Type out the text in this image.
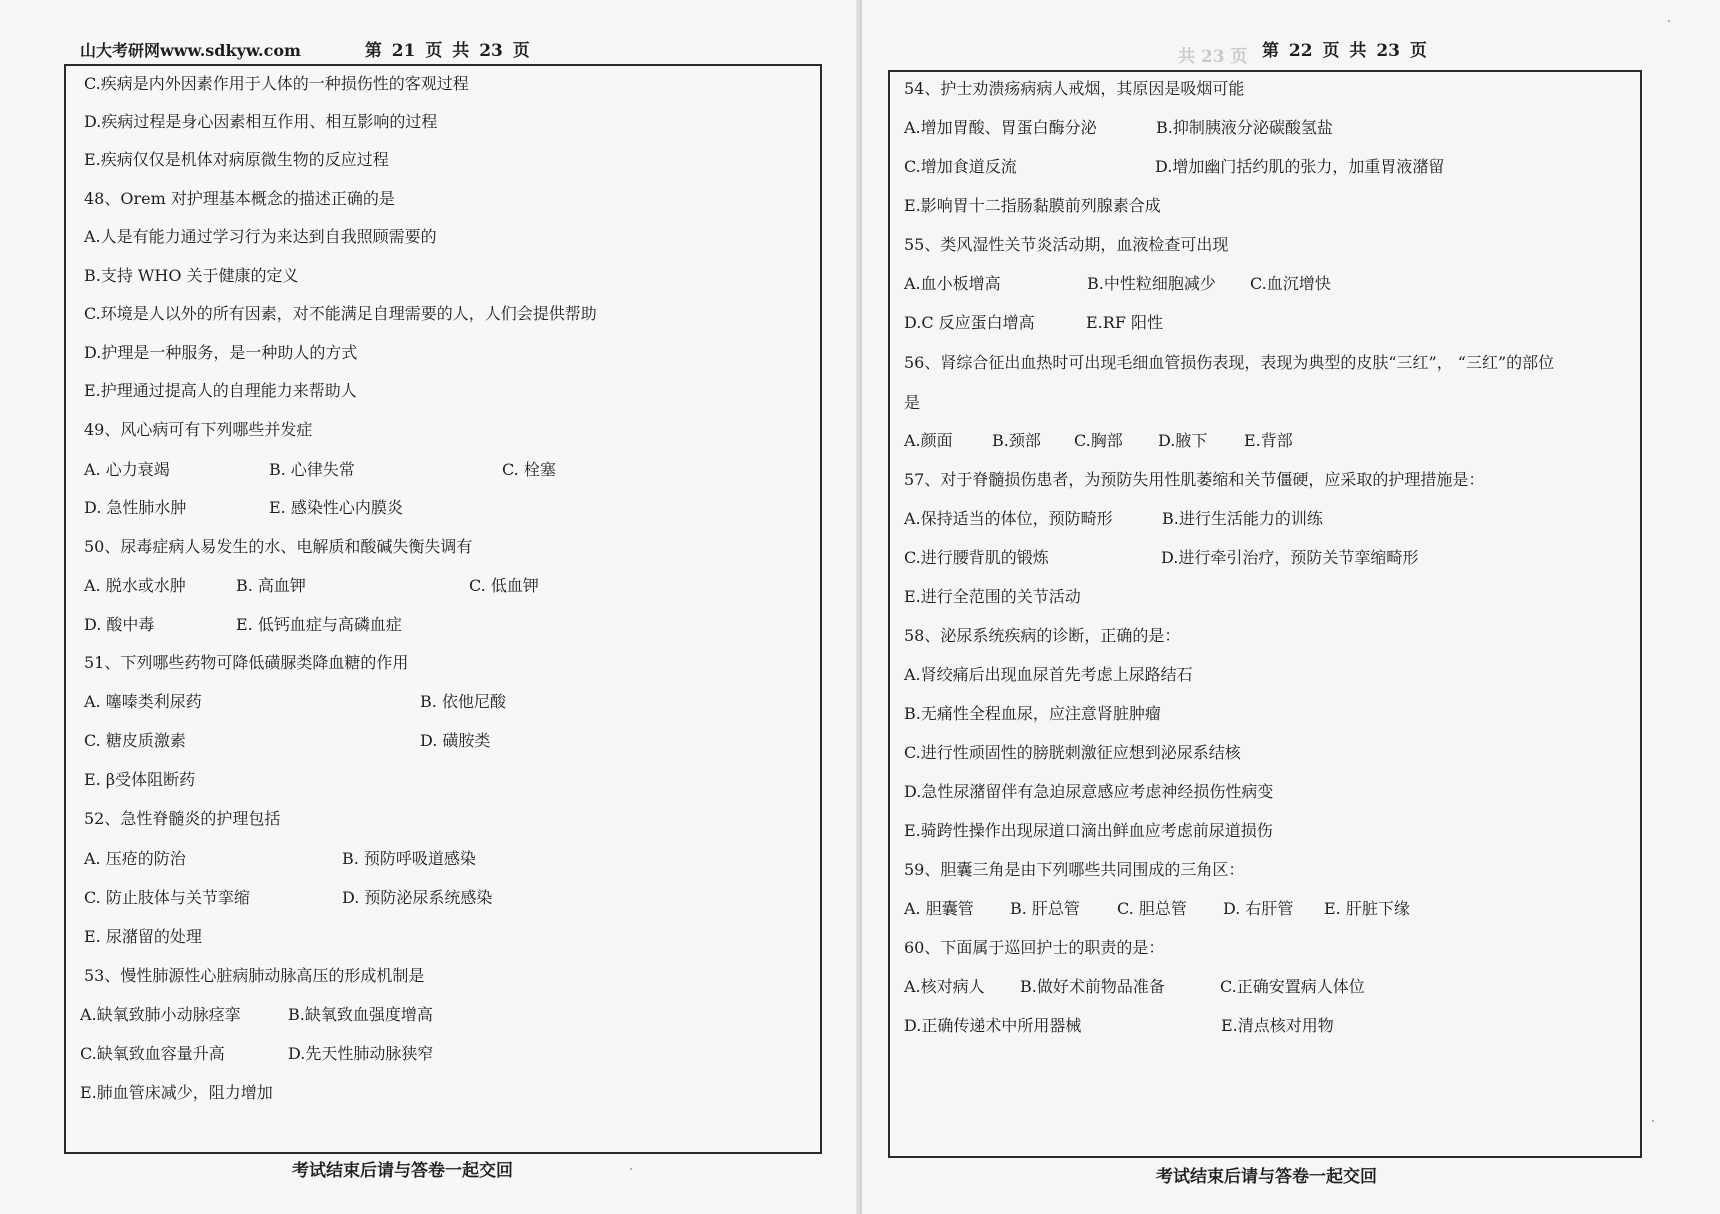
山大考研网www.sdkyw.com	第 21 页 共 23 页
C.疾病是内外因素作用于人体的一种损伤性的客观过程
D.疾病过程是身心因素相互作用、相互影响的过程
E.疾病仅仅是机体对病原微生物的反应过程
48、Orem 对护理基本概念的描述正确的是
A.人是有能力通过学习行为来达到自我照顾需要的
B.支持 WHO 关于健康的定义
C.环境是人以外的所有因素，对不能满足自理需要的人，人们会提供帮助
D.护理是一种服务，是一种助人的方式
E.护理通过提高人的自理能力来帮助人
49、风心病可有下列哪些并发症
A. 心力衰竭	B. 心律失常	C. 栓塞
D. 急性肺水肿	E. 感染性心内膜炎
50、尿毒症病人易发生的水、电解质和酸碱失衡失调有
A. 脱水或水肿	B. 高血钾	C. 低血钾
D. 酸中毒	E. 低钙血症与高磷血症
51、下列哪些药物可降低磺脲类降血糖的作用
A. 噻嗪类利尿药	B. 依他尼酸
C. 糖皮质激素	D. 磺胺类
E. β受体阻断药
52、急性脊髓炎的护理包括
A. 压疮的防治	B. 预防呼吸道感染
C. 防止肢体与关节挛缩	D. 预防泌尿系统感染
E. 尿潴留的处理
53、慢性肺源性心脏病肺动脉高压的形成机制是
A.缺氧致肺小动脉痉挛	B.缺氧致血强度增高
C.缺氧致血容量升高	D.先天性肺动脉狭窄
E.肺血管床减少，阻力增加
考试结束后请与答卷一起交回
共 23 页 第 22 页 共 23 页
54、护士劝溃疡病病人戒烟，其原因是吸烟可能
A.增加胃酸、胃蛋白酶分泌	B.抑制胰液分泌碳酸氢盐
C.增加食道反流	D.增加幽门括约肌的张力，加重胃液潴留
E.影响胃十二指肠黏膜前列腺素合成
55、类风湿性关节炎活动期，血液检查可出现
A.血小板增高	B.中性粒细胞减少 C.血沉增快
D.C 反应蛋白增高	E.RF 阳性
56、肾综合征出血热时可出现毛细血管损伤表现，表现为典型的皮肤“三红”， “三红”的部位
是
A.颜面 B.颈部 C.胸部 D.腋下 E.背部
57、对于脊髓损伤患者，为预防失用性肌萎缩和关节僵硬，应采取的护理措施是：
A.保持适当的体位，预防畸形	B.进行生活能力的训练
C.进行腰背肌的锻炼	D.进行牵引治疗，预防关节挛缩畸形
E.进行全范围的关节活动
58、泌尿系统疾病的诊断，正确的是：
A.肾绞痛后出现血尿首先考虑上尿路结石
B.无痛性全程血尿，应注意肾脏肿瘤
C.进行性顽固性的膀胱刺激征应想到泌尿系结核
D.急性尿潴留伴有急迫尿意感应考虑神经损伤性病变
E.骑跨性操作出现尿道口滴出鲜血应考虑前尿道损伤
59、胆囊三角是由下列哪些共同围成的三角区：
A. 胆囊管 B. 肝总管 C. 胆总管 D. 右肝管 E. 肝脏下缘
60、下面属于巡回护士的职责的是：
A.核对病人 B.做好术前物品准备	C.正确安置病人体位
D.正确传递术中所用器械	E.清点核对用物
考试结束后请与答卷一起交回
